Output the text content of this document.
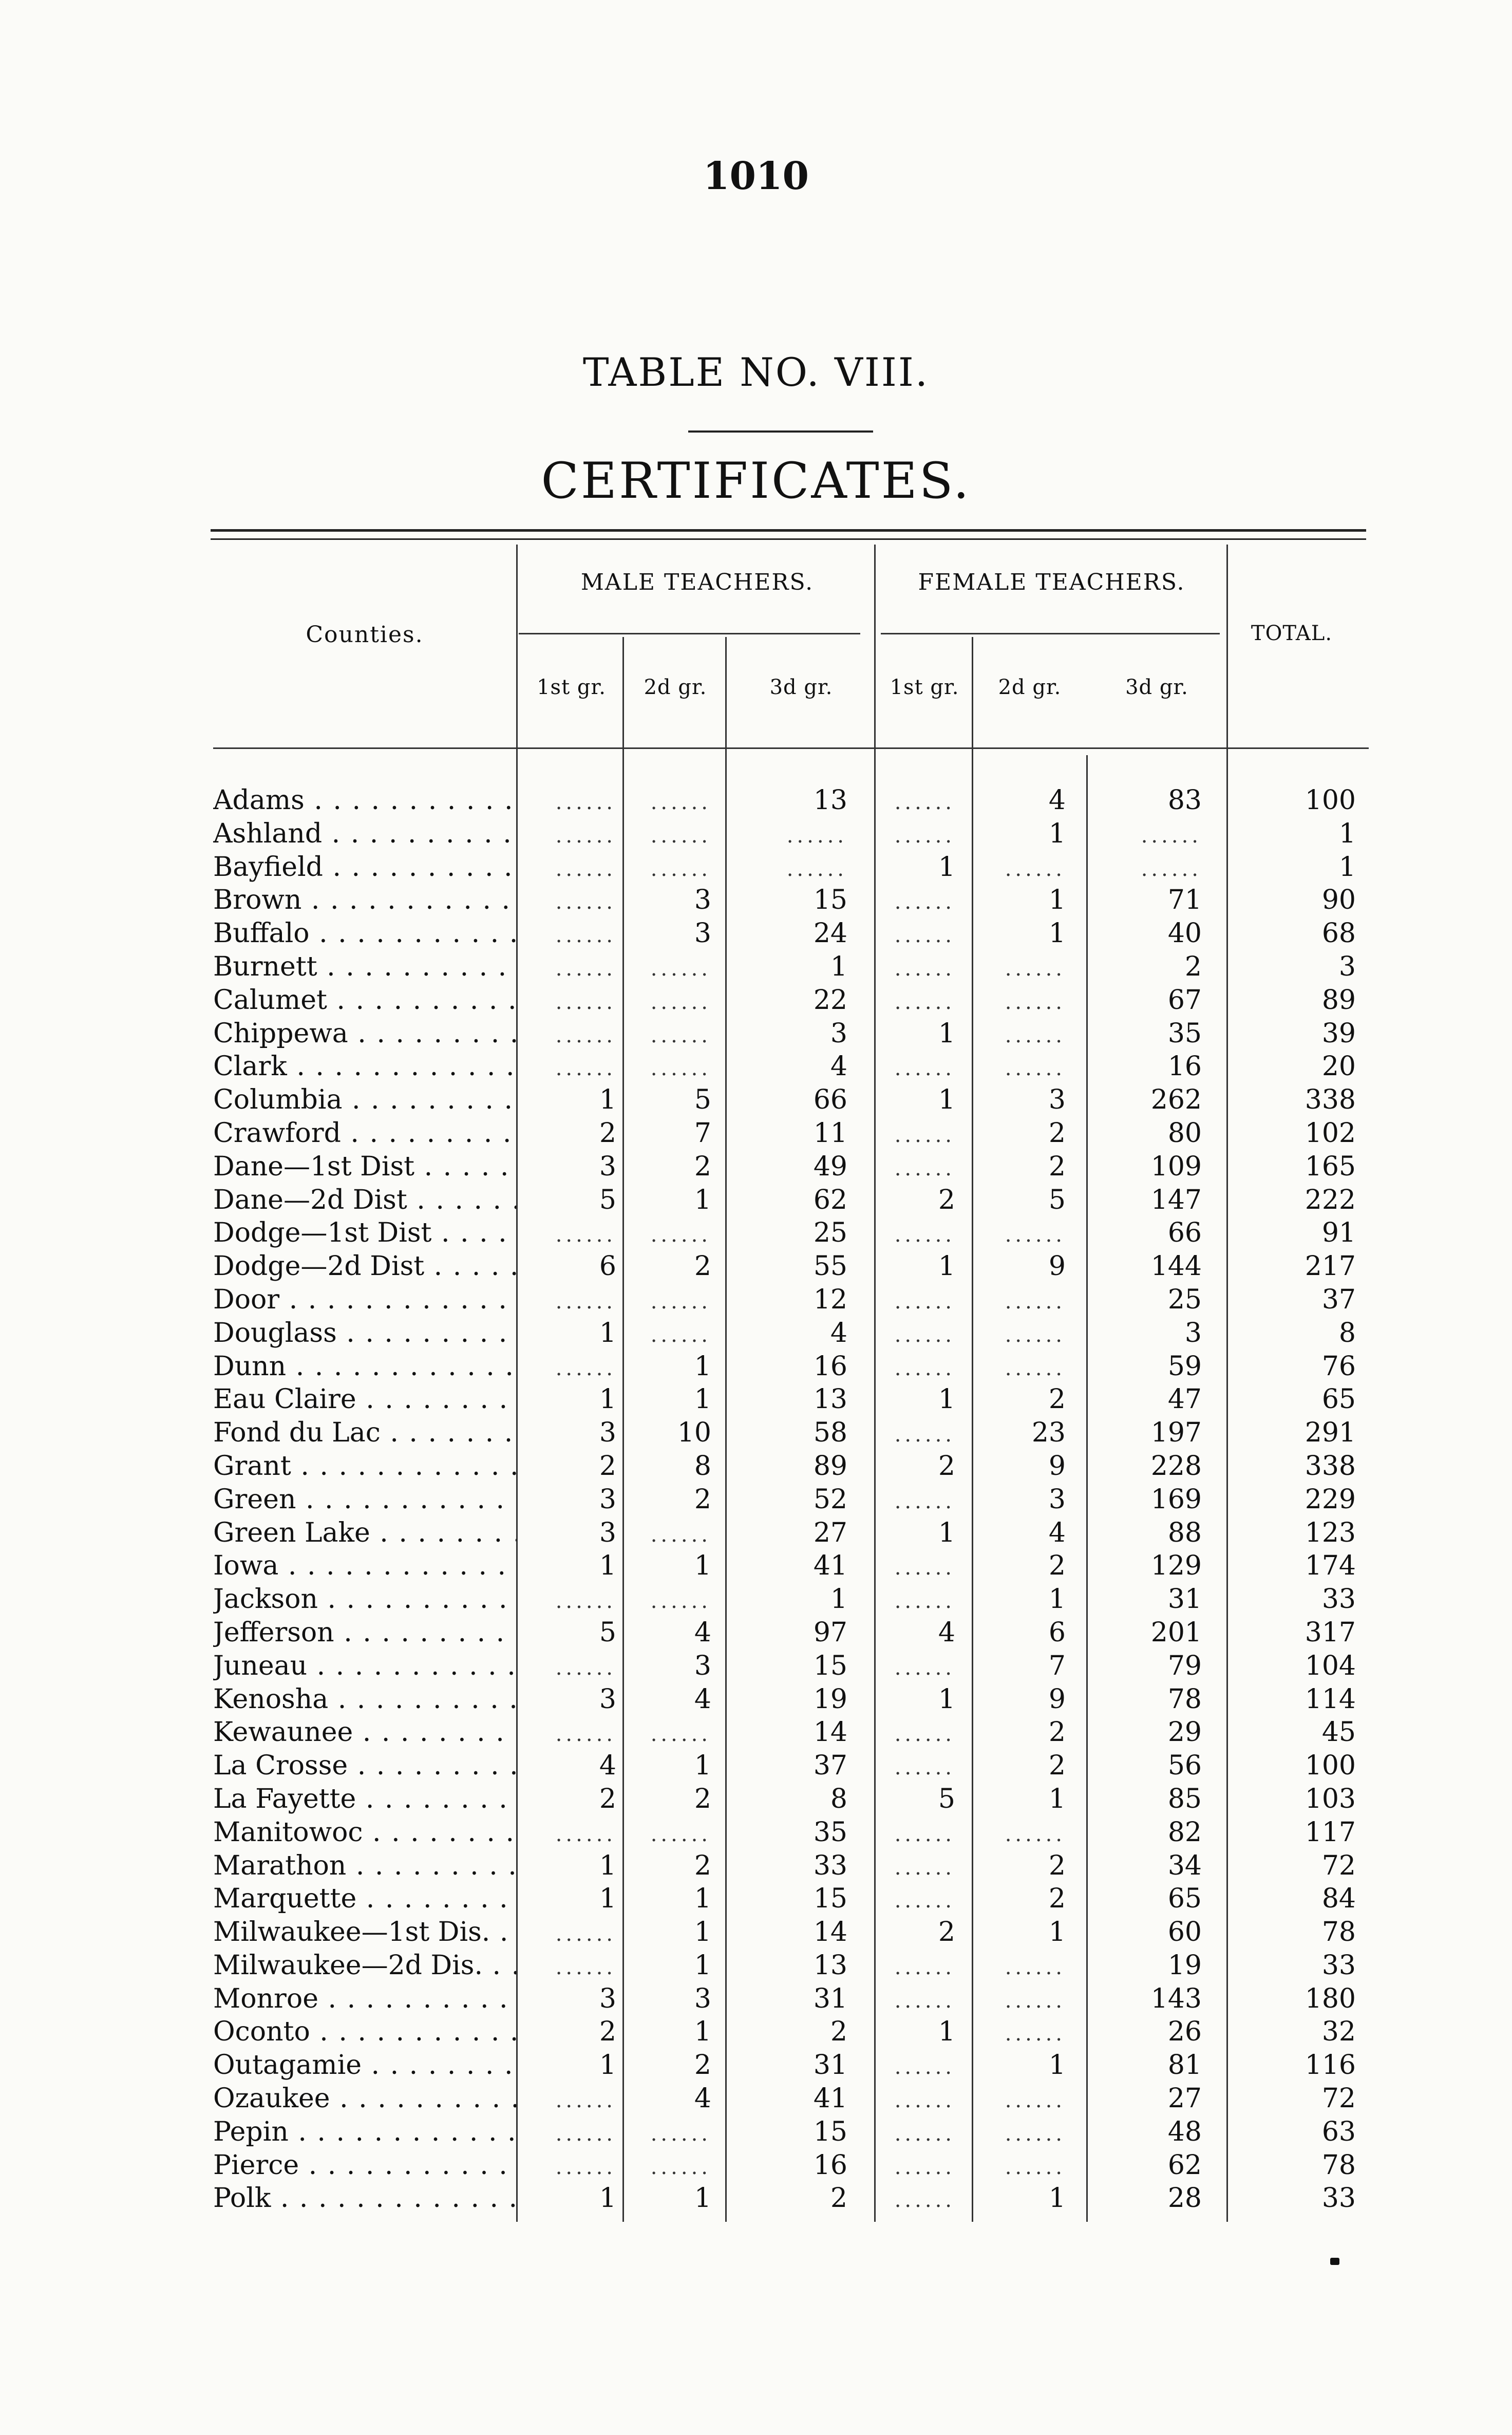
1010
TABLE NO. VIII.
CERTIFICATES.
Counties.
MALE TEACHERS.	FEMALE TEACHERS.
TOTAL.
1st gr.	2d gr.	3d gr.	1st gr.	2d gr.	3d gr.
Adams . . .	......	......	13	......	4	83	100
Ashland . . .	......	......	......	......	1	......	1
Bayfield . . .	......	......	......	1	......	......	1
Brown . . .	......	3	15	......	1	71	90
Buffalo . . .	......	3	24	......	1	40	68
Burnett . . .	......	......	1	......	......	2	3
Calumet . . .	......	......	22	......	......	67	89
Chippewa . . .	......	......	3	1	......	35	39
Clark . . .	......	......	4	......	......	16	20
Columbia . . .	1	5	66	1	3	262	338
Crawford . . .	2	7	11	......	2	80	102
Dane—1st Dist . . .	3	2	49	......	2	109	165
Dane—2d Dist . . .	5	1	62	2	5	147	222
Dodge—1st Dist . . .	......	......	25	......	......	66	91
Dodge—2d Dist . . .	6	2	55	1	9	144	217
Door . . .	......	......	12	......	......	25	37
Douglass . . .	1	......	4	......	......	3	8
Dunn . . .	......	1	16	......	......	59	76
Eau Claire . . .	1	1	13	1	2	47	65
Fond du Lac . . .	3	10	58	......	23	197	291
Grant . . .	2	8	89	2	9	228	338
Green . . .	3	2	52	......	3	169	229
Green Lake . . .	3	......	27	1	4	88	123
Iowa . . .	1	1	41	......	2	129	174
Jackson . . .	......	......	1	......	1	31	33
Jefferson . . .	5	4	97	4	6	201	317
Juneau . . .	......	3	15	......	7	79	104
Kenosha . . .	3	4	19	1	9	78	114
Kewaunee . . .	......	......	14	......	2	29	45
La Crosse . . .	4	1	37	......	2	56	100
La Fayette . . .	2	2	8	5	1	85	103
Manitowoc . . .	......	......	35	......	......	82	117
Marathon . . .	1	2	33	......	2	34	72
Marquette . . .	1	1	15	......	2	65	84
Milwaukee—1st Dis. . . .	......	1	14	2	1	60	78
Milwaukee—2d Dis. . . .	......	1	13	......	......	19	33
Monroe . . .	3	3	31	......	......	143	180
Oconto . . .	2	1	2	1	......	26	32
Outagamie . . .	1	2	31	......	1	81	116
Ozaukee . . .	......	4	41	......	......	27	72
Pepin . . .	......	......	15	......	......	48	63
Pierce . . .	......	......	16	......	......	62	78
Polk . . .	1	1	2	......	1	28	33
